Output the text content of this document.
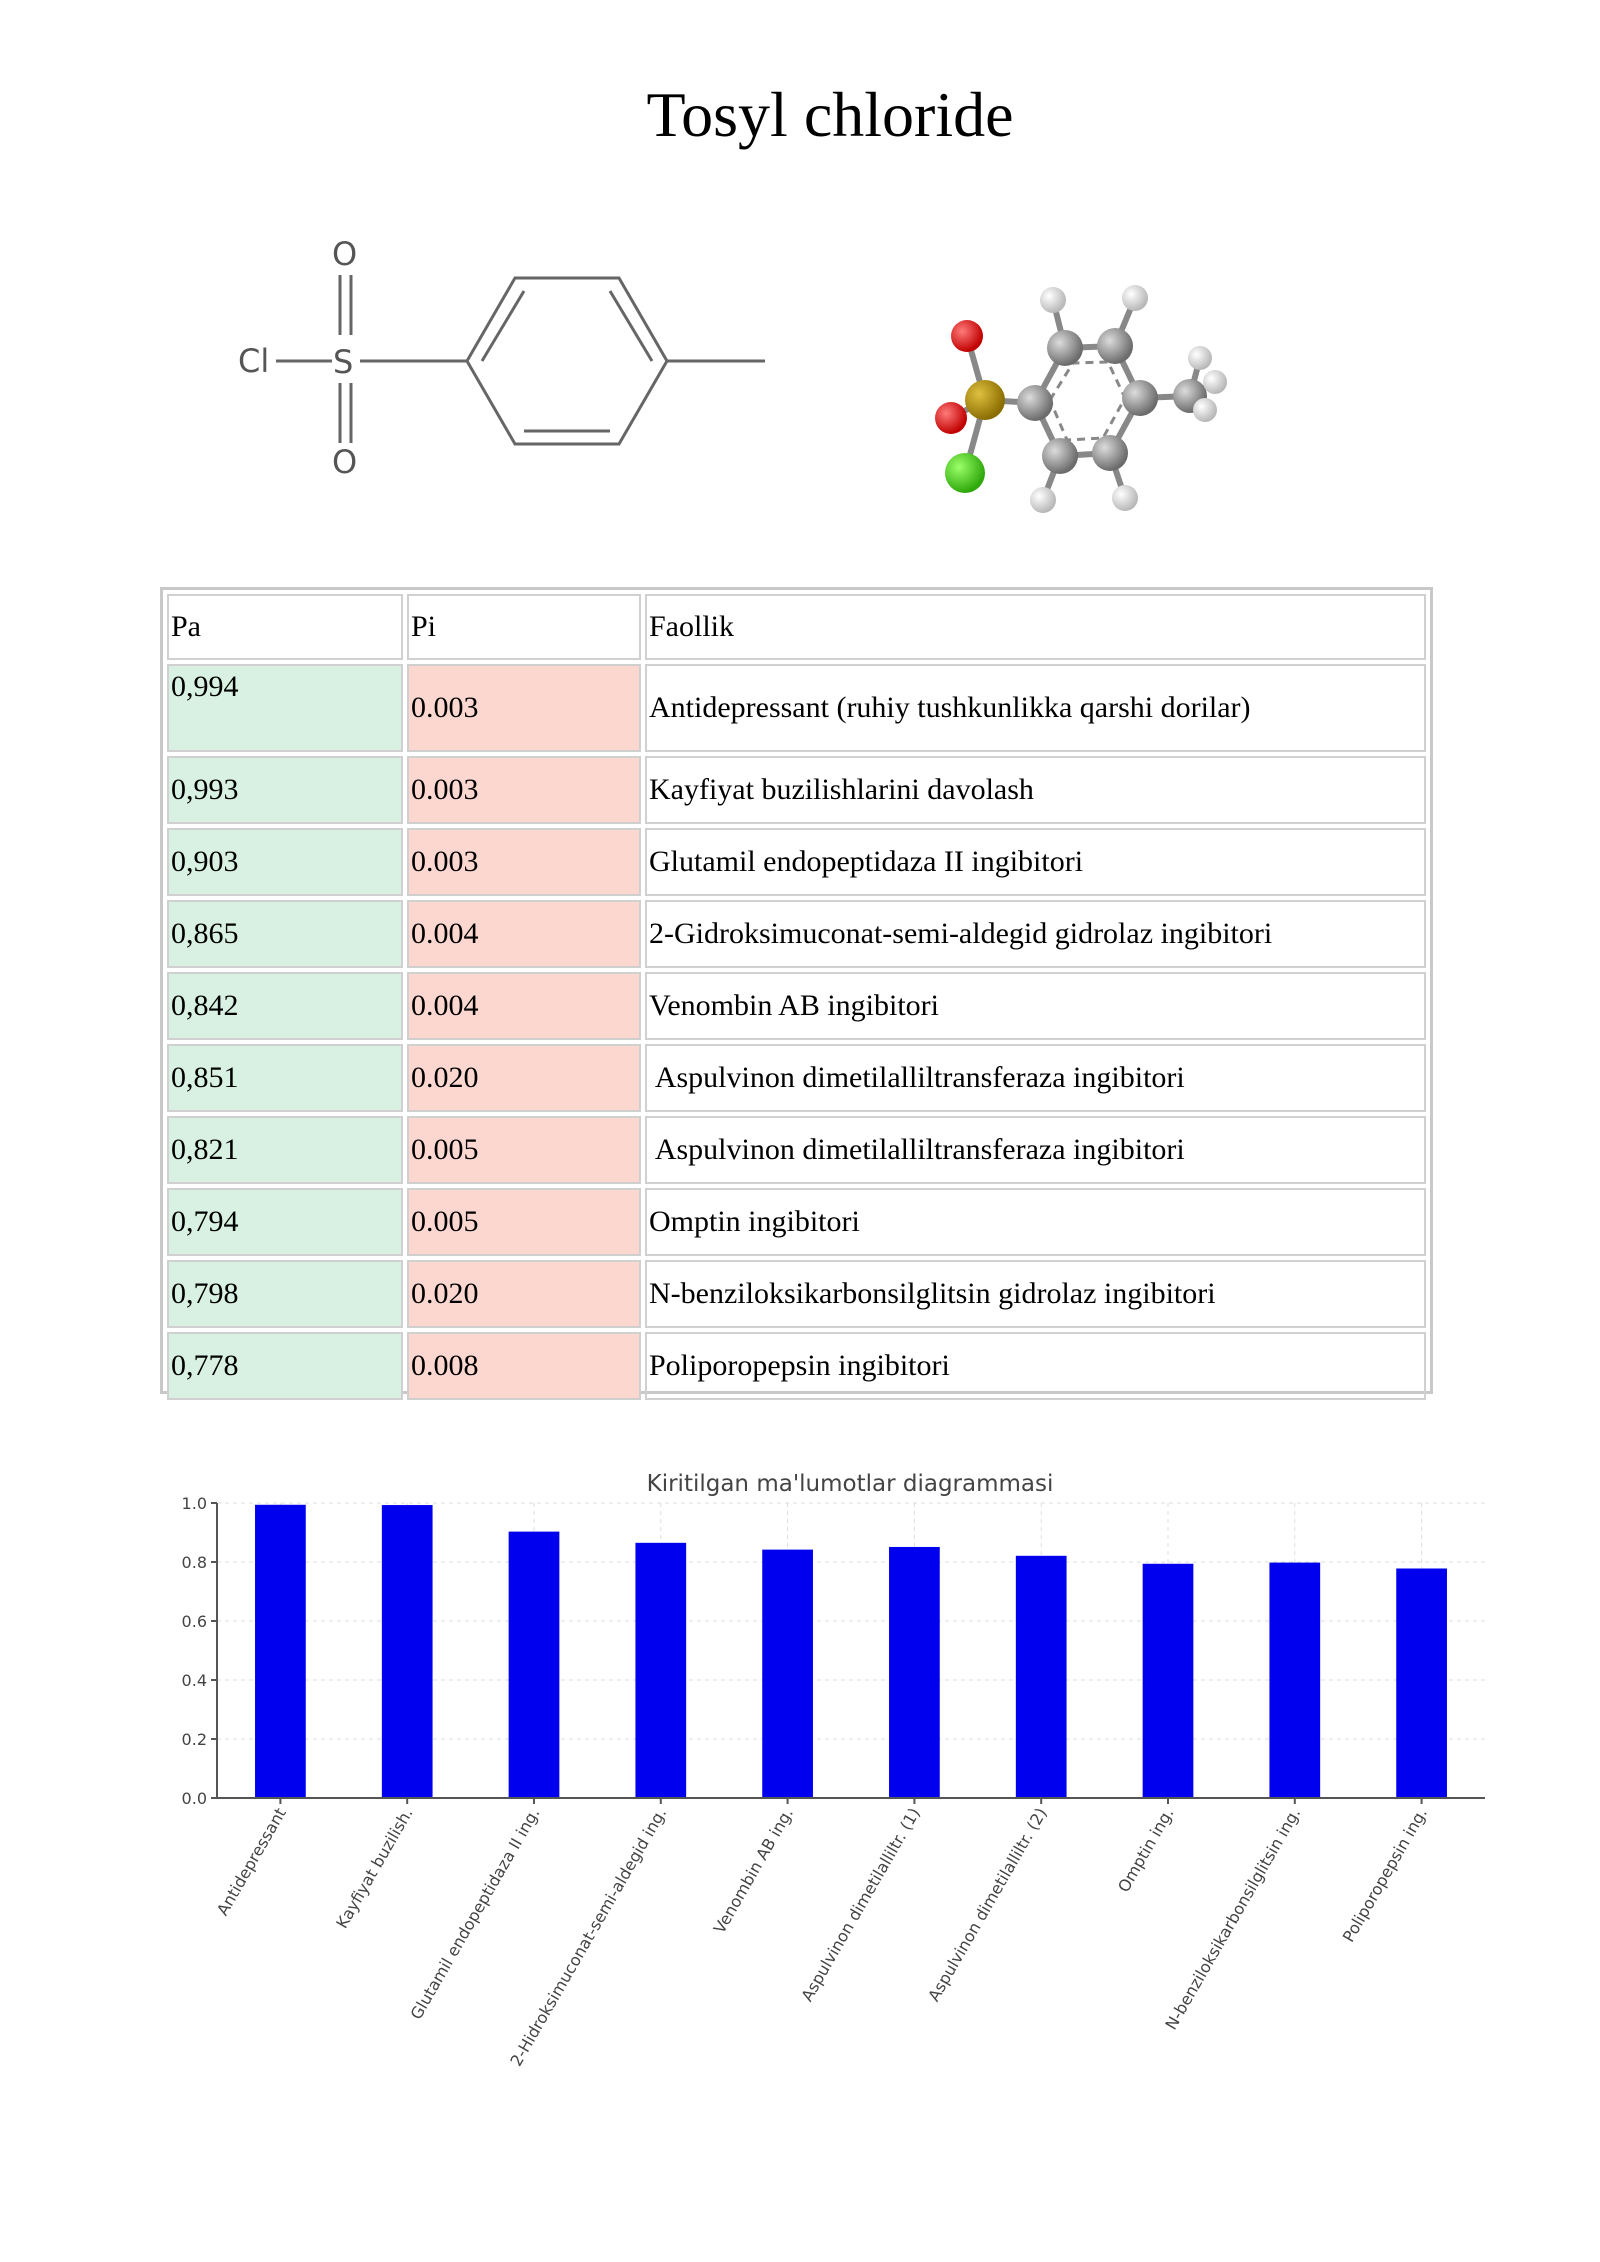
Tosyl chloride
Cl S
O
O
Pa	Pi	Faollik
0,994	0.003	Antidepressant (ruhiy tushkunlikka qarshi dorilar)
0,993	0.003	Kayfiyat buzilishlarini davolash
0,903	0.003	Glutamil endopeptidaza II ingibitori
0,865	0.004	2-Gidroksimuconat-semi-aldegid gidrolaz ingibitori
0,842	0.004	Venombin AB ingibitori
0,851	0.020	Aspulvinon dimetilalliltransferaza ingibitori
0,821	0.005	Aspulvinon dimetilalliltransferaza ingibitori
0,794	0.005	Omptin ingibitori
0,798	0.020	N-benziloksikarbonsilglitsin gidrolaz ingibitori
0,778	0.008	Poliporopepsin ingibitori
Kiritilgan ma'lumotlar diagrammasi
0.0
0.2
0.4
0.6
0.8
1.0
Antidepressant	Kayfiyat buzilish.
Glutamil endopeptidaza II ing.
2-Hidroksimuconat-semi-aldegid ing. Venombin AB ing. Aspulvinon dimetilalliltr. (1) Aspulvinon dimetilalliltr. (2)	Omptin ing.
N-benziloksikarbonsilglitsin ing. Poliporopepsin ing.
